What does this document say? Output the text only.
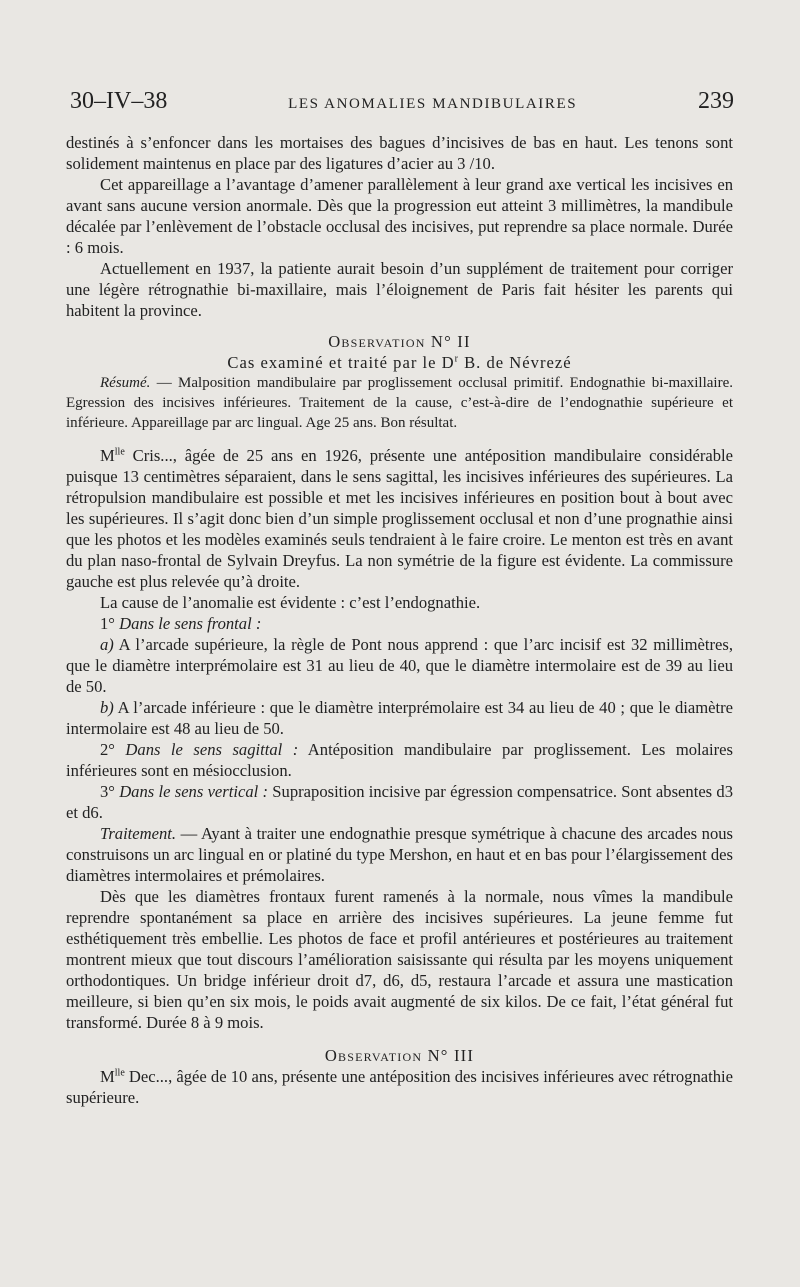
30–IV–38	LES ANOMALIES MANDIBULAIRES	239

destinés à s’enfoncer dans les mortaises des bagues d’incisives de bas en haut. Les tenons sont solidement maintenus en place par des ligatures d’acier au 3 /10.

Cet appareillage a l’avantage d’amener parallèlement à leur grand axe vertical les incisives en avant sans aucune version anormale. Dès que la progression eut atteint 3 millimètres, la mandibule décalée par l’enlèvement de l’obstacle occlusal des incisives, put reprendre sa place normale. Durée : 6 mois.

Actuellement en 1937, la patiente aurait besoin d’un supplément de traitement pour corriger une légère rétrognathie bi-maxillaire, mais l’éloignement de Paris fait hésiter les parents qui habitent la province.

Observation N° II

Cas examiné et traité par le $D^r$ B. de Névrezé

Résumé. — Malposition mandibulaire par proglissement occlusal primitif. Endognathie bi-maxillaire. Egression des incisives inférieures. Traitement de la cause, c’est-à-dire de l’endognathie supérieure et inférieure. Appareillage par arc lingual. Age 25 ans. Bon résultat.

$M^{lle}$ Cris..., âgée de 25 ans en 1926, présente une antéposition mandibulaire considérable puisque 13 centimètres séparaient, dans le sens sagittal, les incisives inférieures des supérieures. La rétropulsion mandibulaire est possible et met les incisives inférieures en position bout à bout avec les supérieures. Il s’agit donc bien d’un simple proglissement occlusal et non d’une prognathie ainsi que les photos et les modèles examinés seuls tendraient à le faire croire. Le menton est très en avant du plan naso-frontal de Sylvain Dreyfus. La non symétrie de la figure est évidente. La commissure gauche est plus relevée qu’à droite.

La cause de l’anomalie est évidente : c’est l’endognathie.

1° Dans le sens frontal :

a) A l’arcade supérieure, la règle de Pont nous apprend : que l’arc incisif est 32 millimètres, que le diamètre interprémolaire est 31 au lieu de 40, que le diamètre intermolaire est de 39 au lieu de 50.

b) A l’arcade inférieure : que le diamètre interprémolaire est 34 au lieu de 40 ; que le diamètre intermolaire est 48 au lieu de 50.

2° Dans le sens sagittal : Antéposition mandibulaire par proglissement. Les molaires inférieures sont en mésiocclusion.

3° Dans le sens vertical : Supraposition incisive par égression compensatrice. Sont absentes d3 et d6.

Traitement. — Ayant à traiter une endognathie presque symétrique à chacune des arcades nous construisons un arc lingual en or platiné du type Mershon, en haut et en bas pour l’élargissement des diamètres intermolaires et prémolaires.

Dès que les diamètres frontaux furent ramenés à la normale, nous vîmes la mandibule reprendre spontanément sa place en arrière des incisives supérieures. La jeune femme fut esthétiquement très embellie. Les photos de face et profil antérieures et postérieures au traitement montrent mieux que tout discours l’amélioration saisissante qui résulta par les moyens uniquement orthodontiques. Un bridge inférieur droit d7, d6, d5, restaura l’arcade et assura une mastication meilleure, si bien qu’en six mois, le poids avait augmenté de six kilos. De ce fait, l’état général fut transformé. Durée 8 à 9 mois.

Observation N° III

$M^{lle}$ Dec..., âgée de 10 ans, présente une antéposition des incisives inférieures avec rétrognathie supérieure.
